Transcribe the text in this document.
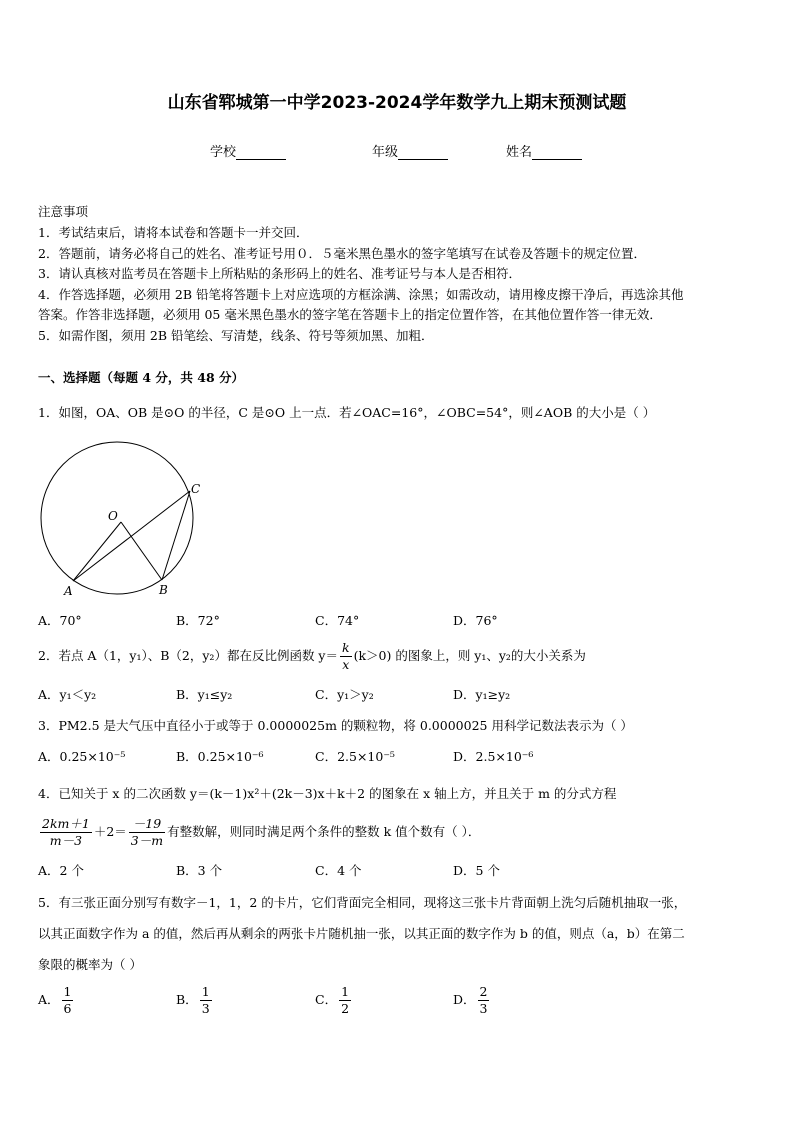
山东省郓城第一中学2023-2024学年数学九上期末预测试题
学校	年级	姓名
注意事项
1．考试结束后，请将本试卷和答题卡一并交回．
2．答题前，请务必将自己的姓名、准考证号用０．５毫米黑色墨水的签字笔填写在试卷及答题卡的规定位置．
3．请认真核对监考员在答题卡上所粘贴的条形码上的姓名、准考证号与本人是否相符．
4．作答选择题，必须用 2B 铅笔将答题卡上对应选项的方框涂满、涂黑；如需改动，请用橡皮擦干净后，再选涂其他
答案。作答非选择题，必须用 05 毫米黑色墨水的签字笔在答题卡上的指定位置作答，在其他位置作答一律无效．
5．如需作图，须用 2B 铅笔绘、写清楚，线条、符号等须加黑、加粗．
一、选择题（每题 4 分，共 48 分）
1．如图，OA、OB 是⊙O 的半径，C 是⊙O 上一点．若∠OAC=16°，∠OBC=54°，则∠AOB 的大小是（ ）
O
A	B
C
A．70°	B．72°	C．74°	D．76°
2．若点 A（1，y₁）、B（2，y₂）都在反比例函数 $y= \frac{k}{x} (k>0)$ 的图象上，则 y₁、y₂的大小关系为
A．y₁＜y₂	B．y₁≤y₂	C．y₁＞y₂	D．y₁≥y₂
3．PM2.5 是大气压中直径小于或等于 0.0000025m 的颗粒物，将 0.0000025 用科学记数法表示为（ ）
A．0.25×10⁻⁵	B．0.25×10⁻⁶	C．2.5×10⁻⁵	D．2.5×10⁻⁶
4．已知关于 x 的二次函数 y＝(k－1)x²＋(2k－3)x＋k＋2 的图象在 x 轴上方，并且关于 m 的分式方程
$\frac{2km+1}{m-3} +2= \frac{-19}{3-m}$ 有整数解，则同时满足两个条件的整数 k 值个数有（ ）．
A．2 个	B．3 个	C．4 个	D．5 个
5．有三张正面分别写有数字－1，1，2 的卡片，它们背面完全相同，现将这三张卡片背面朝上洗匀后随机抽取一张，
以其正面数字作为 a 的值，然后再从剩余的两张卡片随机抽一张，以其正面的数字作为 b 的值，则点（a，b）在第二
象限的概率为（ ）
A． $\frac{1}{6}$	B． $\frac{1}{3}$	C． $\frac{1}{2}$	D． $\frac{2}{3}$
